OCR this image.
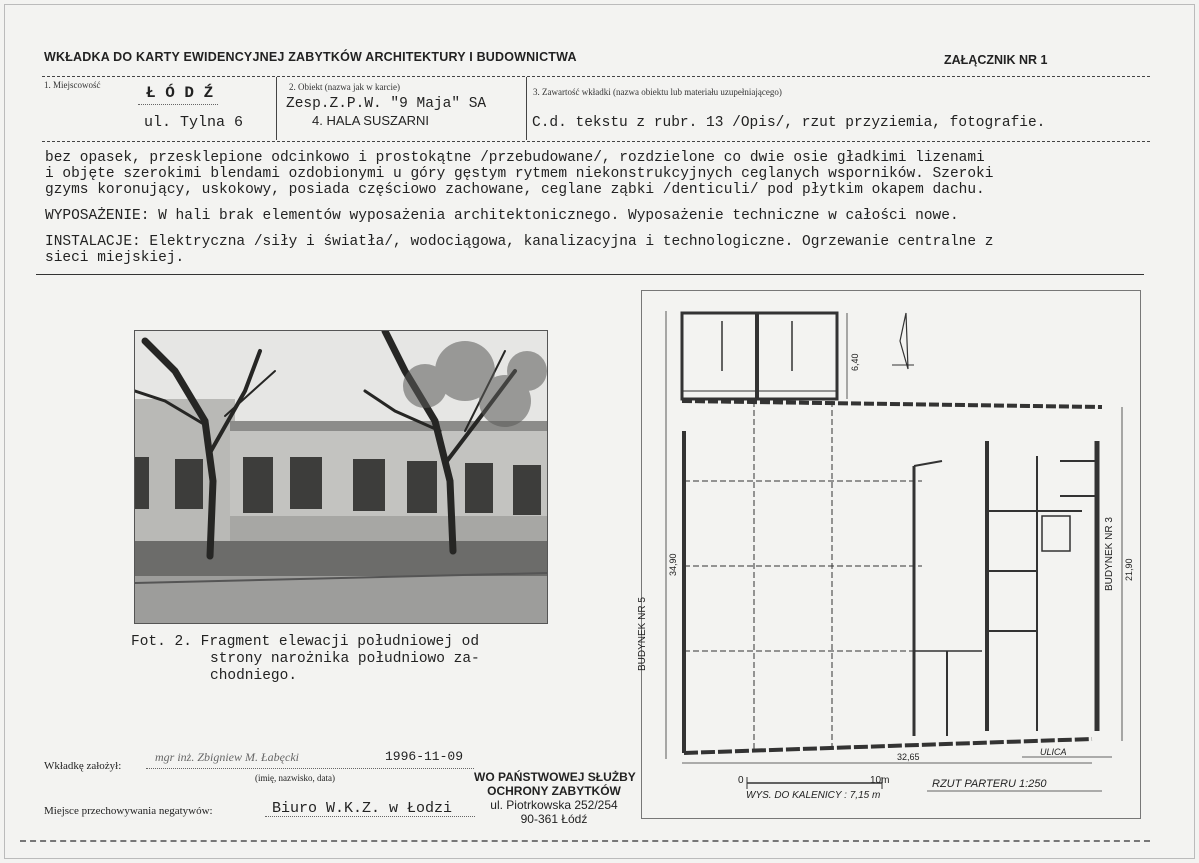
WKŁADKA DO KARTY EWIDENCYJNEJ ZABYTKÓW ARCHITEKTURY I BUDOWNICTWA	ZAŁĄCZNIK NR 1
1. Miejscowość	Ł Ó D Ź
ul. Tylna 6
2. Obiekt (nazwa jak w karcie)
Zesp.Z.P.W. "9 Maja" SA
4. HALA SUSZARNI
3. Zawartość wkładki (nazwa obiektu lub materiału uzupełniającego)
C.d. tekstu z rubr. 13 /Opis/, rzut przyziemia, fotografie.
bez opasek, przesklepione odcinkowo i prostokątne /przebudowane/, rozdzielone co dwie osie gładkimi lizenami
i objęte szerokimi blendami ozdobionymi u góry gęstym rytmem niekonstrukcyjnych ceglanych wsporników. Szeroki
gzyms koronujący, uskokowy, posiada częściowo zachowane, ceglane ząbki /denticuli/ pod płytkim okapem dachu.
WYPOSAŻENIE: W hali brak elementów wyposażenia architektonicznego. Wyposażenie techniczne w całości nowe.
INSTALACJE: Elektryczna /siły i światła/, wodociągowa, kanalizacyjna i technologiczne. Ogrzewanie centralne z
sieci miejskiej.
Fot. 2. Fragment elewacji południowej od
strony narożnika południowo za-
chodniego.
BUDYNEK NR 5
BUDYNEK NR 3
6,40
34,90	21,90
32,65	ULICA
0	10m
WYS. DO KALENICY : 7,15 m
RZUT PARTERU 1:250
Wkładkę założył:
mgr inż. Zbigniew M. Łabęcki	1996-11-09
(imię, nazwisko, data)
Miejsce przechowywania negatywów:	Biuro W.K.Z. w Łodzi
WO PAŃSTWOWEJ SŁUŻBY
OCHRONY ZABYTKÓW
ul. Piotrkowska 252/254
90-361 Łódź
